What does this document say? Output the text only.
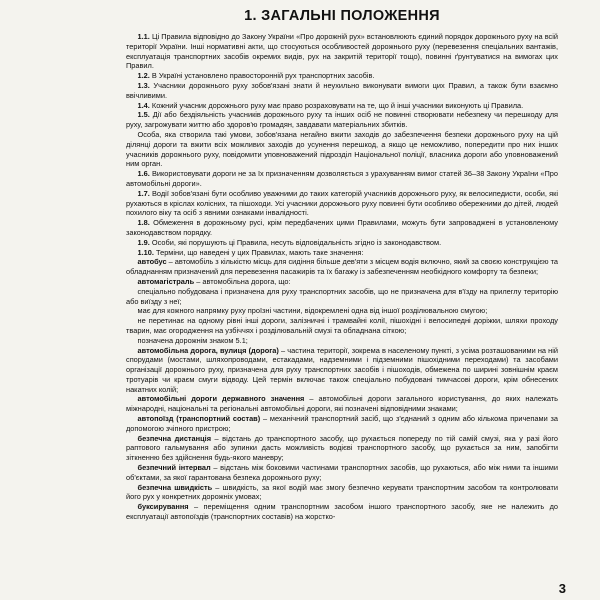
1. ЗАГАЛЬНІ ПОЛОЖЕННЯ

1.1. Ці Правила відповідно до Закону України «Про дорожній рух» встановлюють єдиний порядок дорожнього руху на всій території України. Інші нормативні акти, що стосуються особливостей дорожнього руху (перевезення спеціальних вантажів, експлуатація транспортних засобів окремих видів, рух на закритій території тощо), повинні ґрунтуватися на вимогах цих Правил.

1.2. В Україні установлено правосторонній рух транспортних засобів.

1.3. Учасники дорожнього руху зобов'язані знати й неухильно виконувати вимоги цих Правил, а також бути взаємно ввічливими.

1.4. Кожний учасник дорожнього руху має право розраховувати на те, що й інші учасники виконують ці Правила.

1.5. Дії або бездіяльність учасників дорожнього руху та інших осіб не повинні створювати небезпеку чи перешкоду для руху, загрожувати життю або здоров'ю громадян, завдавати матеріальних збитків.

Особа, яка створила такі умови, зобов'язана негайно вжити заходів до забезпечення безпеки дорожнього руху на цій ділянці дороги та вжити всіх можливих заходів до усунення перешкод, а якщо це неможливо, попередити про них інших учасників дорожнього руху, повідомити уповноважений підрозділ Національної поліції, власника дороги або уповноважений ним орган.

1.6. Використовувати дороги не за їх призначенням дозволяється з урахуванням вимог статей 36–38 Закону України «Про автомобільні дороги».

1.7. Водії зобов'язані бути особливо уважними до таких категорій учасників дорожнього руху, як велосипедисти, особи, які рухаються в кріслах колісних, та пішоходи. Усі учасники дорожнього руху повинні бути особливо обережними до дітей, людей похилого віку та осіб з явними ознаками інвалідності.

1.8. Обмеження в дорожньому русі, крім передбачених цими Правилами, можуть бути запроваджені в установленому законодавством порядку.

1.9. Особи, які порушують ці Правила, несуть відповідальність згідно із законодавством.

1.10. Терміни, що наведені у цих Правилах, мають таке значення:

автобус – автомобіль з кількістю місць для сидіння більше дев'яти з місцем водія включно, який за своєю конструкцією та обладнанням призначений для перевезення пасажирів та їх багажу із забезпеченням необхідного комфорту та безпеки;

автомагістраль – автомобільна дорога, що:

спеціально побудована і призначена для руху транспортних засобів, що не призначена для в'їзду на прилеглу територію або виїзду з неї;

має для кожного напрямку руху проїзні частини, відокремлені одна від іншої розділювальною смугою;

не перетинає на одному рівні інші дороги, залізничні і трамвайні колії, пішохідні і велосипедні доріжки, шляхи проходу тварин, має огородження на узбіччях і розділювальній смузі та обладнана сіткою;

позначена дорожнім знаком 5.1;

автомобільна дорога, вулиця (дорога) – частина території, зокрема в населеному пункті, з усіма розташованими на ній спорудами (мостами, шляхопроводами, естакадами, надземними і підземними пішохідними переходами) та засобами організації дорожнього руху, призначена для руху транспортних засобів і пішоходів, обмежена по ширині зовнішнім краєм тротуарів чи краєм смуги відводу. Цей термін включає також спеціально побудовані тимчасові дороги, крім обнесених накатних колій;

автомобільні дороги державного значення – автомобільні дороги загального користування, до яких належать міжнародні, національні та регіональні автомобільні дороги, які позначені відповідними знаками;

автопоїзд (транспортний состав) – механічний транспортний засіб, що з'єднаний з одним або кількома причепами за допомогою зчіпного пристрою;

безпечна дистанція – відстань до транспортного засобу, що рухається попереду по тій самій смузі, яка у разі його раптового гальмування або зупинки дасть можливість водієві транспортного засобу, що рухається за ним, запобігти зіткненню без здійснення будь-якого маневру;

безпечний інтервал – відстань між боковими частинами транспортних засобів, що рухаються, або між ними та іншими об'єктами, за якої гарантована безпека дорожнього руху;

безпечна швидкість – швидкість, за якої водій має змогу безпечно керувати транспортним засобом та контролювати його рух у конкретних дорожніх умовах;

буксирування – переміщення одним транспортним засобом іншого транспортного засобу, яке не належить до експлуатації автопоїздів (транспортних составів) на жорстко-

3
